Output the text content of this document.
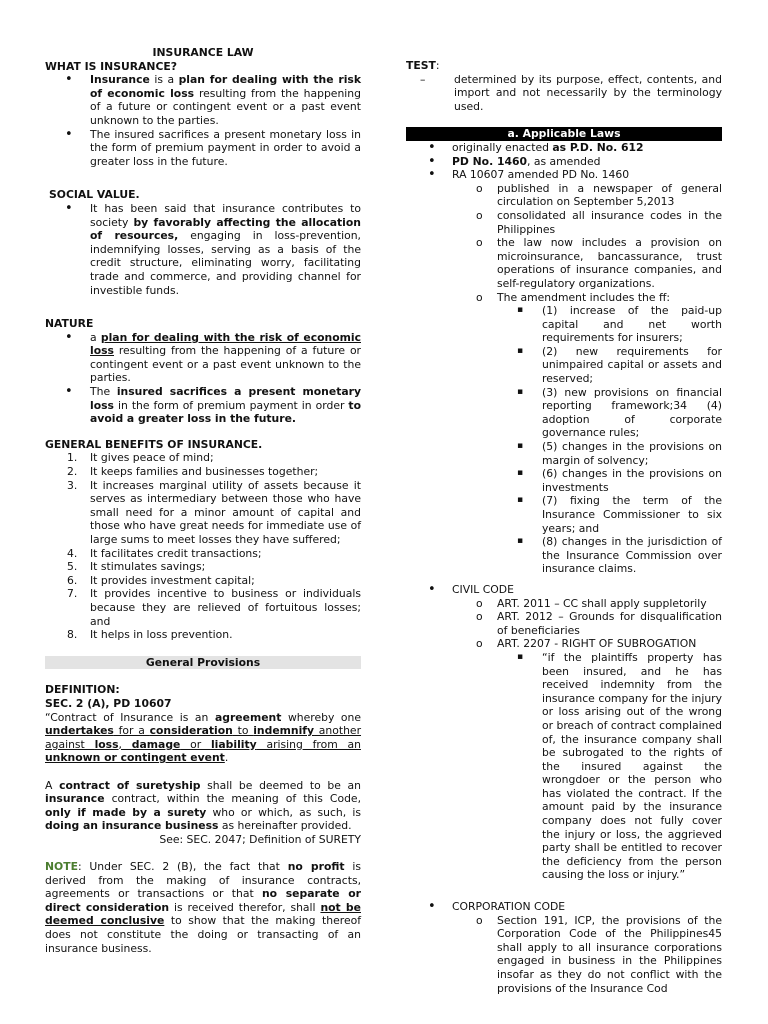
INSURANCE LAW

WHAT IS INSURANCE?

• Insurance is a plan for dealing with the risk of economic loss resulting from the happening of a future or contingent event or a past event unknown to the parties.
• The insured sacrifices a present monetary loss in the form of premium payment in order to avoid a greater loss in the future.

SOCIAL VALUE.

• It has been said that insurance contributes to society by favorably affecting the allocation of resources, engaging in loss-prevention, indemnifying losses, serving as a basis of the credit structure, eliminating worry, facilitating trade and commerce, and providing channel for investible funds.

NATURE

• a plan for dealing with the risk of economic loss resulting from the happening of a future or contingent event or a past event unknown to the parties.
• The insured sacrifices a present monetary loss in the form of premium payment in order to avoid a greater loss in the future.

GENERAL BENEFITS OF INSURANCE.

1. It gives peace of mind;
2. It keeps families and businesses together;
3. It increases marginal utility of assets because it serves as intermediary between those who have small need for a minor amount of capital and those who have great needs for immediate use of large sums to meet losses they have suffered;
4. It facilitates credit transactions;
5. It stimulates savings;
6. It provides investment capital;
7. It provides incentive to business or individuals because they are relieved of fortuitous losses; and
8. It helps in loss prevention.

General Provisions

DEFINITION:

SEC. 2 (A), PD 10607

“Contract of Insurance is an agreement whereby one undertakes for a consideration to indemnify another against loss, damage or liability arising from an unknown or contingent event.

A contract of suretyship shall be deemed to be an insurance contract, within the meaning of this Code, only if made by a surety who or which, as such, is doing an insurance business as hereinafter provided.

See: SEC. 2047; Definition of SURETY

NOTE: Under SEC. 2 (B), the fact that no profit is derived from the making of insurance contracts, agreements or transactions or that no separate or direct consideration is received therefor, shall not be deemed conclusive to show that the making thereof does not constitute the doing or transacting of an insurance business.

TEST:

– determined by its purpose, effect, contents, and import and not necessarily by the terminology used.

a. Applicable Laws

• originally enacted as P.D. No. 612
• PD No. 1460, as amended
• RA 10607 amended PD No. 1460
o published in a newspaper of general circulation on September 5,2013
o consolidated all insurance codes in the Philippines
o the law now includes a provision on microinsurance, bancassurance, trust operations of insurance companies, and self-regulatory organizations.
o The amendment includes the ff:
▪ (1) increase of the paid-up capital and net worth requirements for insurers;
▪ (2) new requirements for unimpaired capital or assets and reserved;
▪ (3) new provisions on financial reporting framework;34 (4) adoption of corporate governance rules;
▪ (5) changes in the provisions on margin of solvency;
▪ (6) changes in the provisions on investments
▪ (7) fixing the term of the Insurance Commissioner to six years; and
▪ (8) changes in the jurisdiction of the Insurance Commission over insurance claims.
• CIVIL CODE
o ART. 2011 – CC shall apply suppletorily
o ART. 2012 – Grounds for disqualification of beneficiaries
o ART. 2207 - RIGHT OF SUBROGATION
▪ “if the plaintiffs property has been insured, and he has received indemnity from the insurance company for the injury or loss arising out of the wrong or breach of contract complained of, the insurance company shall be subrogated to the rights of the insured against the wrongdoer or the person who has violated the contract. If the amount paid by the insurance company does not fully cover the injury or loss, the aggrieved party shall be entitled to recover the deficiency from the person causing the loss or injury.”
• CORPORATION CODE
o Section 191, ICP, the provisions of the Corporation Code of the Philippines45 shall apply to all insurance corporations engaged in business in the Philippines insofar as they do not conflict with the provisions of the Insurance Cod
